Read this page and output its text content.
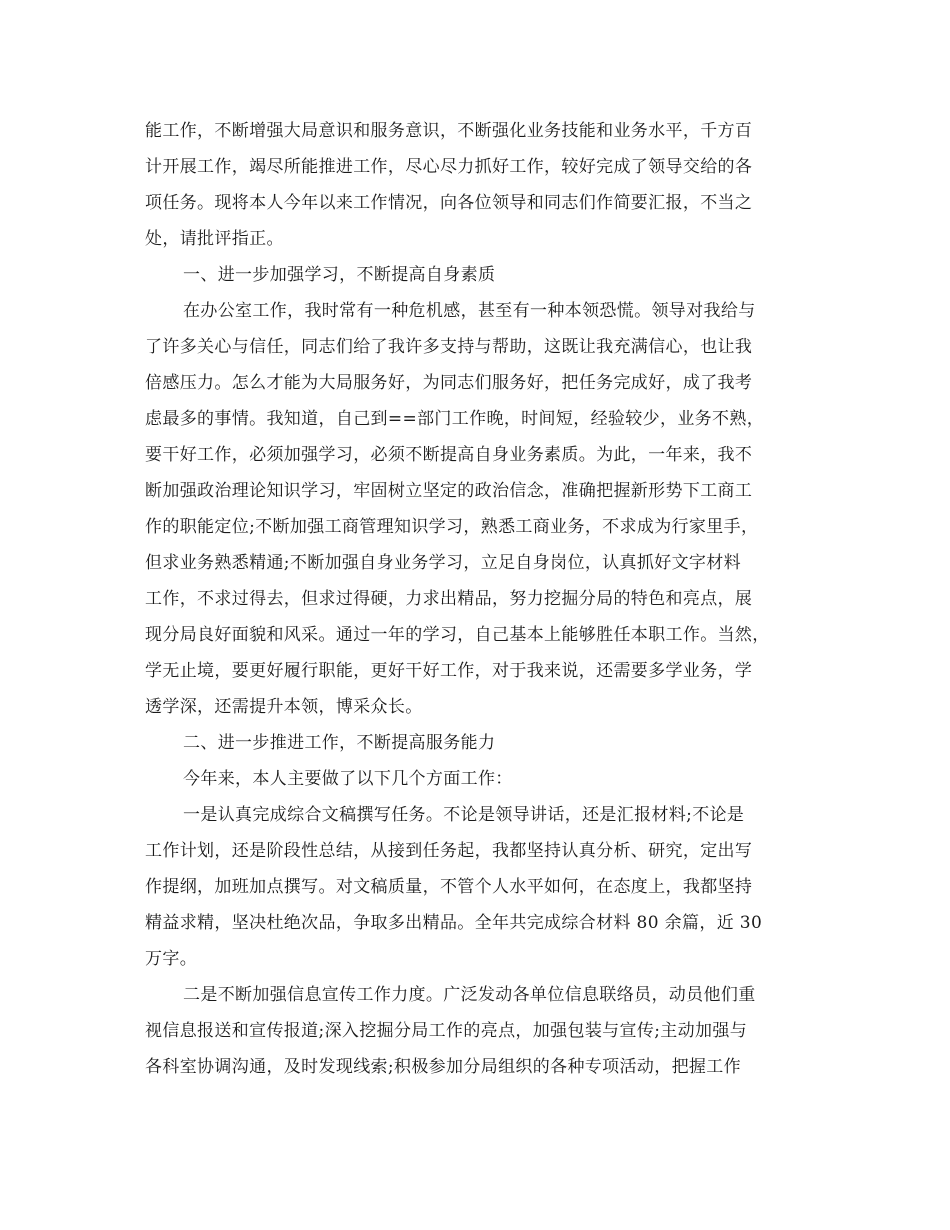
能工作，不断增强大局意识和服务意识，不断强化业务技能和业务水平，千方百
计开展工作，竭尽所能推进工作，尽心尽力抓好工作，较好完成了领导交给的各
项任务。现将本人今年以来工作情况，向各位领导和同志们作简要汇报，不当之
处，请批评指正。
一、进一步加强学习，不断提高自身素质
在办公室工作，我时常有一种危机感，甚至有一种本领恐慌。领导对我给与
了许多关心与信任，同志们给了我许多支持与帮助，这既让我充满信心，也让我
倍感压力。怎么才能为大局服务好，为同志们服务好，把任务完成好，成了我考
虑最多的事情。我知道，自己到==部门工作晚，时间短，经验较少，业务不熟，
要干好工作，必须加强学习，必须不断提高自身业务素质。为此，一年来，我不
断加强政治理论知识学习，牢固树立坚定的政治信念，准确把握新形势下工商工
作的职能定位;不断加强工商管理知识学习，熟悉工商业务，不求成为行家里手，
但求业务熟悉精通;不断加强自身业务学习，立足自身岗位，认真抓好文字材料
工作，不求过得去，但求过得硬，力求出精品，努力挖掘分局的特色和亮点，展
现分局良好面貌和风采。通过一年的学习，自己基本上能够胜任本职工作。当然，
学无止境，要更好履行职能，更好干好工作，对于我来说，还需要多学业务，学
透学深，还需提升本领，博采众长。
二、进一步推进工作，不断提高服务能力
今年来，本人主要做了以下几个方面工作：
一是认真完成综合文稿撰写任务。不论是领导讲话，还是汇报材料;不论是
工作计划，还是阶段性总结，从接到任务起，我都坚持认真分析、研究，定出写
作提纲，加班加点撰写。对文稿质量，不管个人水平如何，在态度上，我都坚持
精益求精，坚决杜绝次品，争取多出精品。全年共完成综合材料 80 余篇，近 30
万字。
二是不断加强信息宣传工作力度。广泛发动各单位信息联络员，动员他们重
视信息报送和宣传报道;深入挖掘分局工作的亮点，加强包装与宣传;主动加强与
各科室协调沟通，及时发现线索;积极参加分局组织的各种专项活动，把握工作
